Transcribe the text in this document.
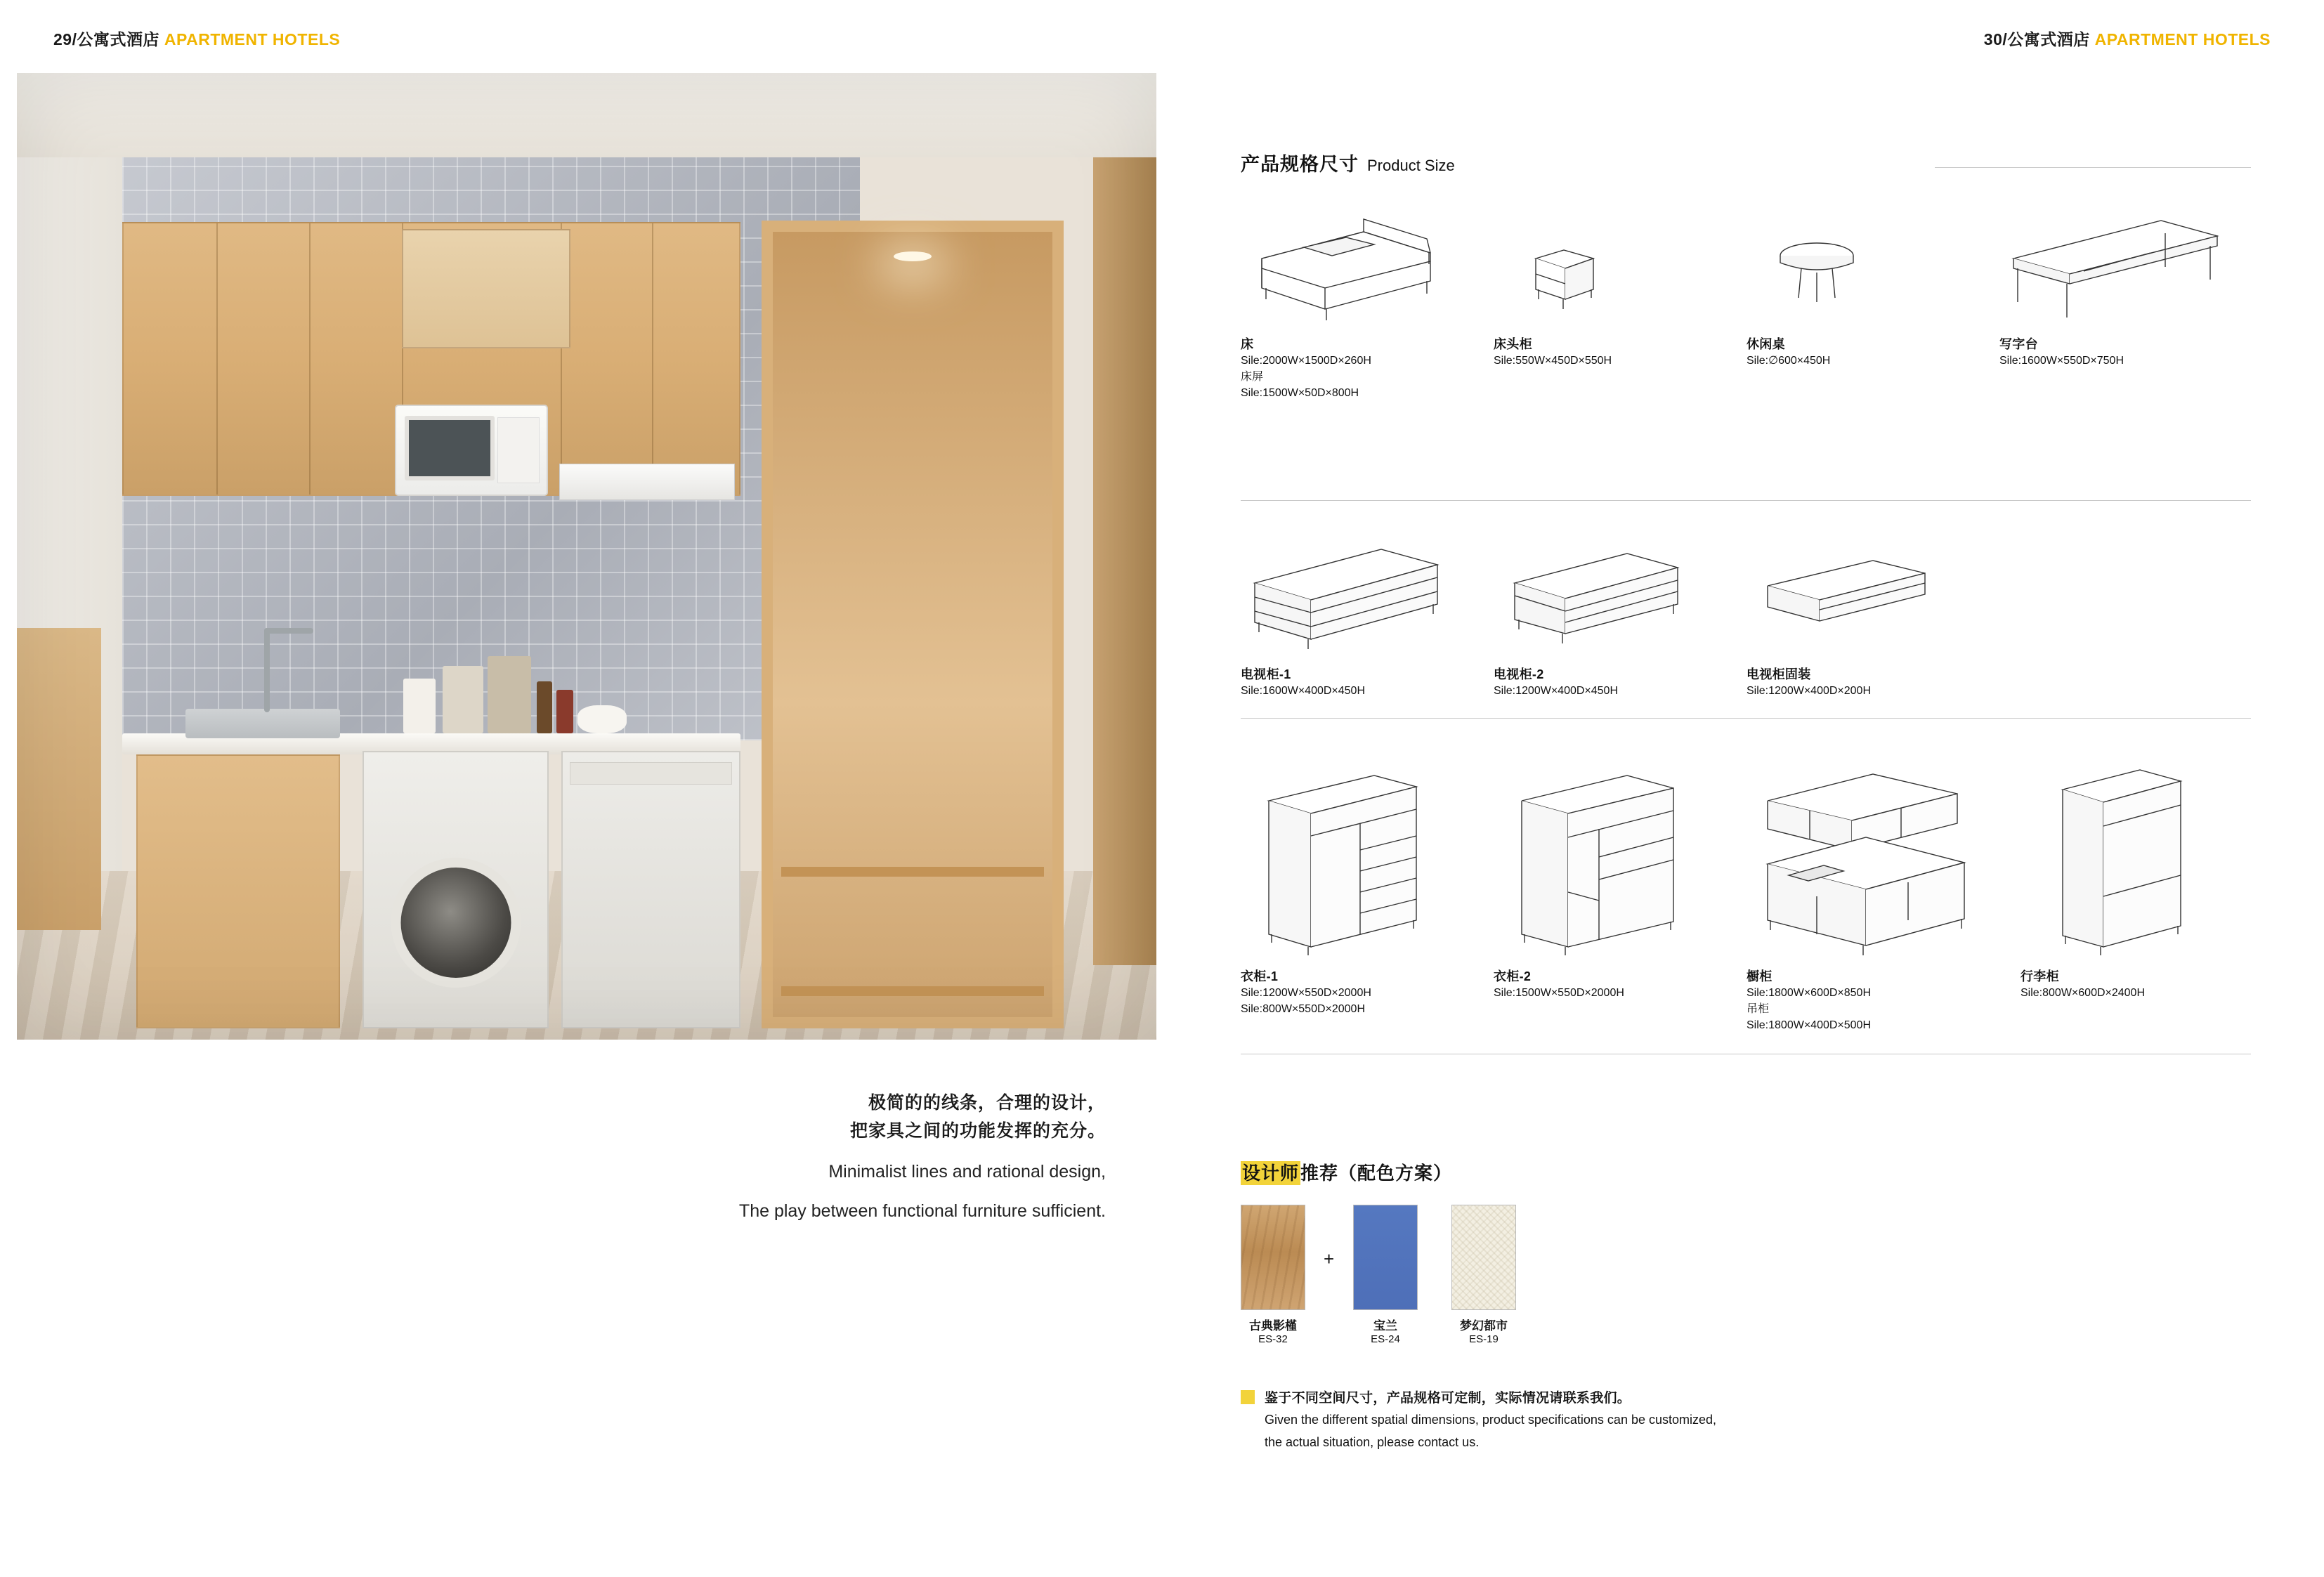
29/公寓式酒店 APARTMENT HOTELS
极简的的线条，合理的设计，
把家具之间的功能发挥的充分。
Minimalist lines and rational design,
The play between functional furniture sufficient.
30/公寓式酒店 APARTMENT HOTELS
产品规格尺寸 Product Size
床
Sile:2000W×1500D×260H
床屏
Sile:1500W×50D×800H
床头柜
Sile:550W×450D×550H
休闲桌
Sile:∅600×450H
写字台
Sile:1600W×550D×750H
电视柜-1
Sile:1600W×400D×450H
电视柜-2
Sile:1200W×400D×450H
电视柜固装
Sile:1200W×400D×200H
衣柜-1
Sile:1200W×550D×2000H
Sile:800W×550D×2000H
衣柜-2
Sile:1500W×550D×2000H
橱柜
Sile:1800W×600D×850H
吊柜
Sile:1800W×400D×500H
行李柜
Sile:800W×600D×2400H
设计师推荐（配色方案）
古典影槿
ES-32
+
宝兰
ES-24
梦幻都市
ES-19
鉴于不同空间尺寸，产品规格可定制，实际情况请联系我们。
Given the different spatial dimensions, product specifications can be customized,
the actual situation, please contact us.
